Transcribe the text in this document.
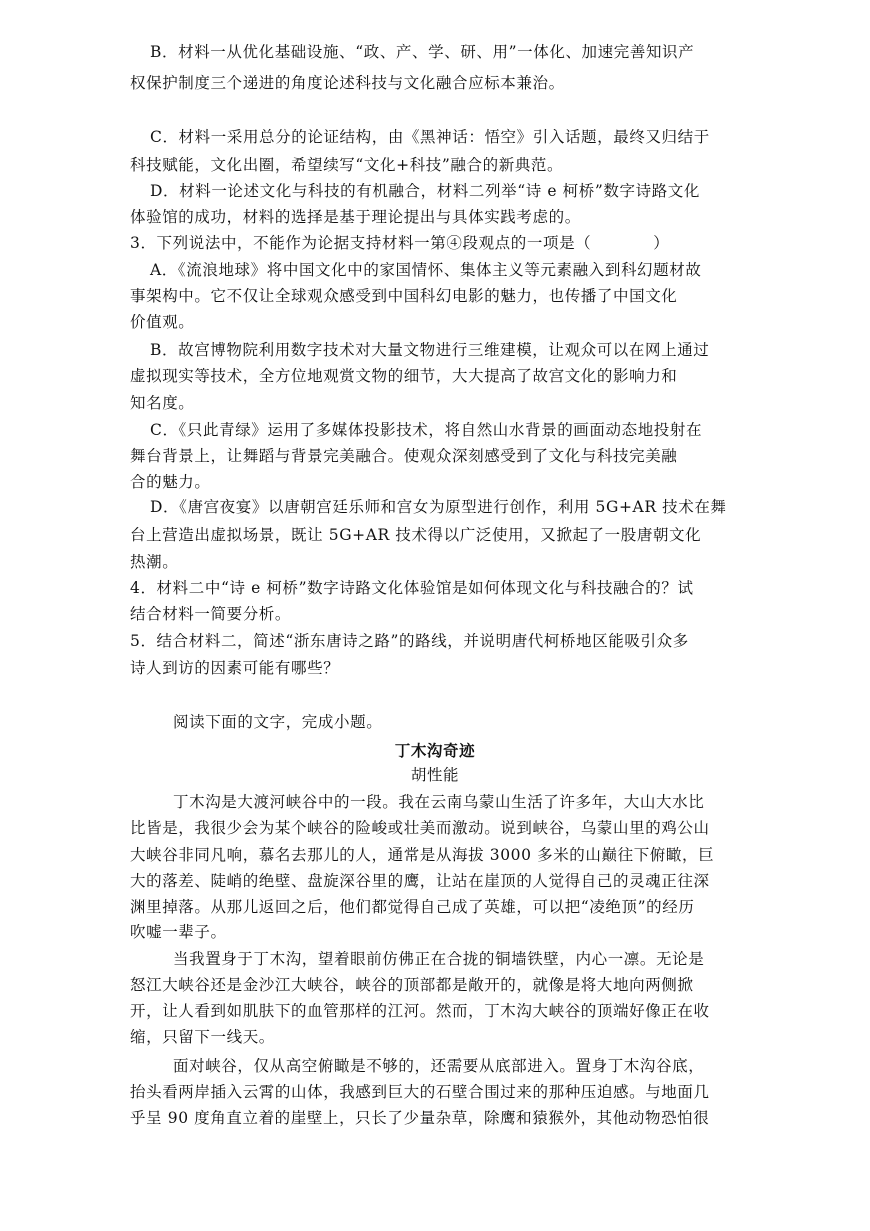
B．材料一从优化基础设施、“政、产、学、研、用”一体化、加速完善知识产
权保护制度三个递进的角度论述科技与文化融合应标本兼治。
C．材料一采用总分的论证结构，由《黑神话：悟空》引入话题，最终又归结于
科技赋能，文化出圈，希望续写“文化+科技”融合的新典范。
D．材料一论述文化与科技的有机融合，材料二列举“诗 e 柯桥”数字诗路文化
体验馆的成功，材料的选择是基于理论提出与具体实践考虑的。
3．下列说法中，不能作为论据支持材料一第④段观点的一项是（	）
A．《流浪地球》将中国文化中的家国情怀、集体主义等元素融入到科幻题材故
事架构中。它不仅让全球观众感受到中国科幻电影的魅力，也传播了中国文化
价值观。
B．故宫博物院利用数字技术对大量文物进行三维建模，让观众可以在网上通过
虚拟现实等技术，全方位地观赏文物的细节，大大提高了故宫文化的影响力和
知名度。
C．《只此青绿》运用了多媒体投影技术，将自然山水背景的画面动态地投射在
舞台背景上，让舞蹈与背景完美融合。使观众深刻感受到了文化与科技完美融
合的魅力。
D．《唐宫夜宴》以唐朝宫廷乐师和宫女为原型进行创作，利用 5G+AR 技术在舞
台上营造出虚拟场景，既让 5G+AR 技术得以广泛使用，又掀起了一股唐朝文化
热潮。
4．材料二中“诗 e 柯桥”数字诗路文化体验馆是如何体现文化与科技融合的？试
结合材料一简要分析。
5．结合材料二，简述“浙东唐诗之路”的路线，并说明唐代柯桥地区能吸引众多
诗人到访的因素可能有哪些？
阅读下面的文字，完成小题。
丁木沟奇迹
胡性能
丁木沟是大渡河峡谷中的一段。我在云南乌蒙山生活了许多年，大山大水比
比皆是，我很少会为某个峡谷的险峻或壮美而激动。说到峡谷，乌蒙山里的鸡公山
大峡谷非同凡响，慕名去那儿的人，通常是从海拔 3000 多米的山巅往下俯瞰，巨
大的落差、陡峭的绝壁、盘旋深谷里的鹰，让站在崖顶的人觉得自己的灵魂正往深
渊里掉落。从那儿返回之后，他们都觉得自己成了英雄，可以把“凌绝顶”的经历
吹嘘一辈子。
当我置身于丁木沟，望着眼前仿佛正在合拢的铜墙铁壁，内心一凛。无论是
怒江大峡谷还是金沙江大峡谷，峡谷的顶部都是敞开的，就像是将大地向两侧掀
开，让人看到如肌肤下的血管那样的江河。然而，丁木沟大峡谷的顶端好像正在收
缩，只留下一线天。
面对峡谷，仅从高空俯瞰是不够的，还需要从底部进入。置身丁木沟谷底，
抬头看两岸插入云霄的山体，我感到巨大的石壁合围过来的那种压迫感。与地面几
乎呈 90 度角直立着的崖壁上，只长了少量杂草，除鹰和猿猴外，其他动物恐怕很
